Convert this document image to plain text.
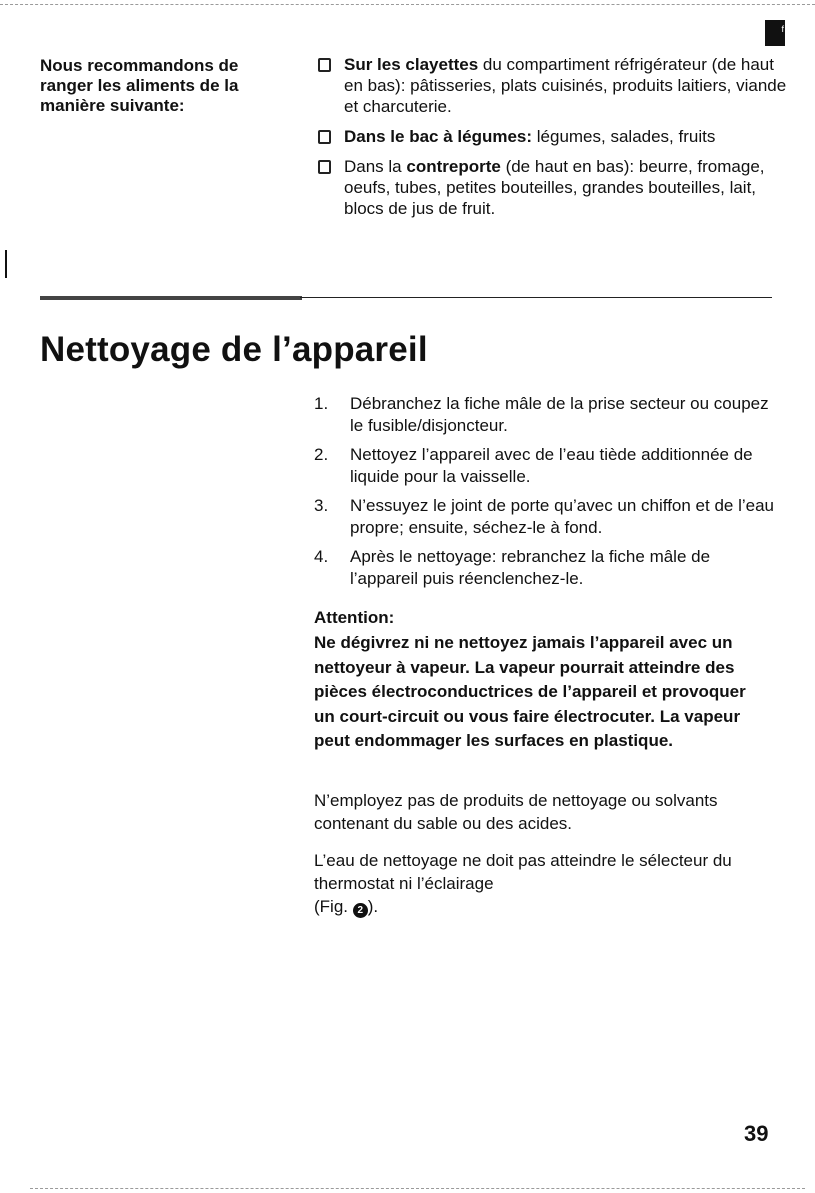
f
Nous recommandons de ranger les aliments de la manière suivante:
Sur les clayettes du compartiment réfrigérateur (de haut en bas): pâtisseries, plats cuisinés, produits laitiers, viande et charcuterie.
Dans le bac à légumes: légumes, salades, fruits
Dans la contreporte (de haut en bas): beurre, fromage, oeufs, tubes, petites bouteilles, grandes bouteilles, lait, blocs de jus de fruit.
Nettoyage de l’appareil
1. Débranchez la fiche mâle de la prise secteur ou coupez le fusible/disjoncteur.
2. Nettoyez l’appareil avec de l’eau tiède additionnée de liquide pour la vaisselle.
3. N’essuyez le joint de porte qu’avec un chiffon et de l’eau propre; ensuite, séchez-le à fond.
4. Après le nettoyage: rebranchez la fiche mâle de l’appareil puis réenclenchez-le.
Attention:
Ne dégivrez ni ne nettoyez jamais l’appareil avec un nettoyeur à vapeur. La vapeur pourrait atteindre des pièces électroconductrices de l’appareil et provoquer un court-circuit ou vous faire électrocuter. La vapeur peut endommager les surfaces en plastique.
N’employez pas de produits de nettoyage ou solvants contenant du sable ou des acides.
L’eau de nettoyage ne doit pas atteindre le sélecteur du thermostat ni l’éclairage
(Fig. 2 ).
39
